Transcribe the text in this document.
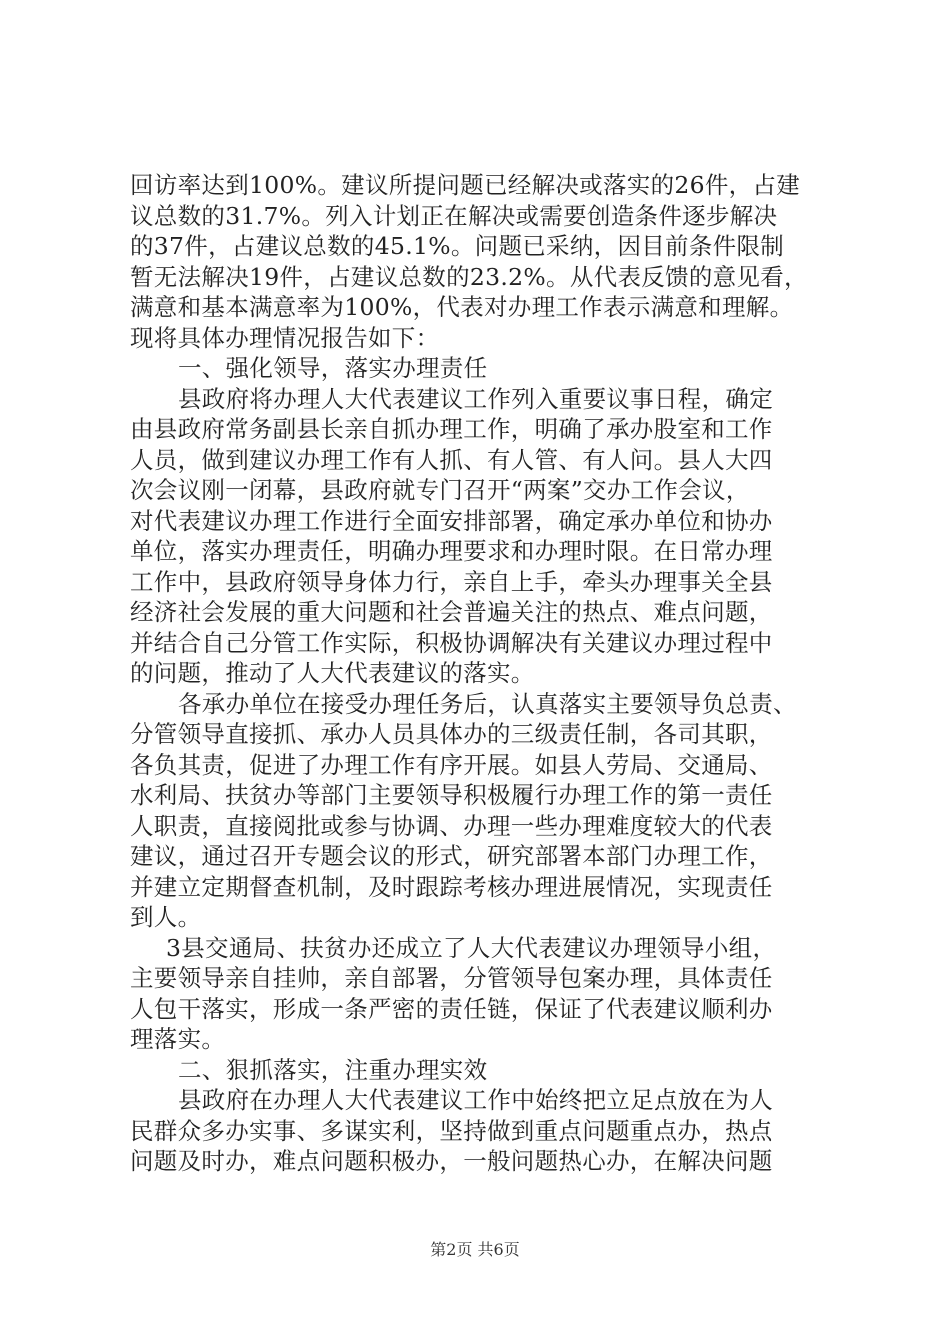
回访率达到100%。建议所提问题已经解决或落实的26件，占建
议总数的31.7%。列入计划正在解决或需要创造条件逐步解决
的37件，占建议总数的45.1%。问题已采纳，因目前条件限制
暂无法解决19件，占建议总数的23.2%。从代表反馈的意见看，
满意和基本满意率为100%，代表对办理工作表示满意和理解。
现将具体办理情况报告如下：
一、强化领导，落实办理责任
县政府将办理人大代表建议工作列入重要议事日程，确定
由县政府常务副县长亲自抓办理工作，明确了承办股室和工作
人员，做到建议办理工作有人抓、有人管、有人问。县人大四
次会议刚一闭幕，县政府就专门召开“两案”交办工作会议，
对代表建议办理工作进行全面安排部署，确定承办单位和协办
单位，落实办理责任，明确办理要求和办理时限。在日常办理
工作中，县政府领导身体力行，亲自上手，牵头办理事关全县
经济社会发展的重大问题和社会普遍关注的热点、难点问题，
并结合自己分管工作实际，积极协调解决有关建议办理过程中
的问题，推动了人大代表建议的落实。
各承办单位在接受办理任务后，认真落实主要领导负总责、
分管领导直接抓、承办人员具体办的三级责任制，各司其职，
各负其责，促进了办理工作有序开展。如县人劳局、交通局、
水利局、扶贫办等部门主要领导积极履行办理工作的第一责任
人职责，直接阅批或参与协调、办理一些办理难度较大的代表
建议，通过召开专题会议的形式，研究部署本部门办理工作，
并建立定期督查机制，及时跟踪考核办理进展情况，实现责任
到人。
3县交通局、扶贫办还成立了人大代表建议办理领导小组，
主要领导亲自挂帅，亲自部署，分管领导包案办理，具体责任
人包干落实，形成一条严密的责任链，保证了代表建议顺利办
理落实。
二、狠抓落实，注重办理实效
县政府在办理人大代表建议工作中始终把立足点放在为人
民群众多办实事、多谋实利，坚持做到重点问题重点办，热点
问题及时办，难点问题积极办，一般问题热心办，在解决问题
第2页 共6页
